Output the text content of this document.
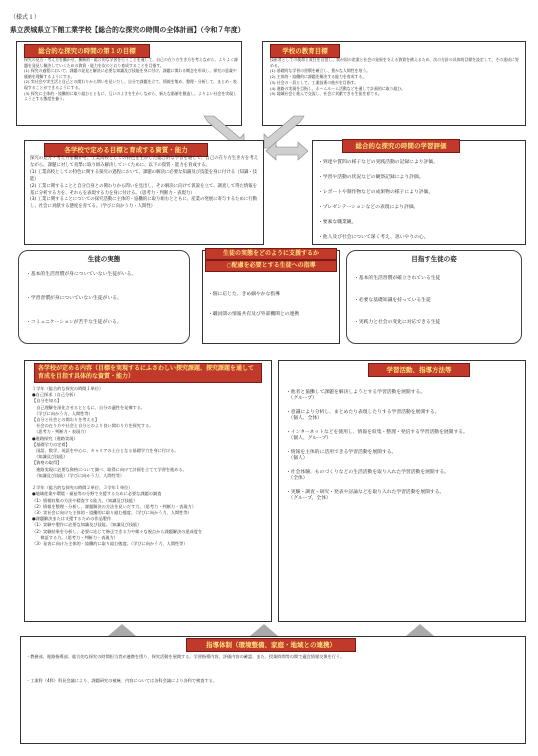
（様式１）
県立茨城県立下館工業学校【総合的な探究の時間の全体計画】（令和７年度）
総合的な探究の時間の第１の目標

探究の見方・考え方を働かせ、横断的・総合的な学習を行うことを通して、自己の在り方生き方を考えながら、よりよく課題を発見し解決していくための資質・能力を次のとおり育成することを目指す。
(1) 探究の過程において、課題の発見と解決に必要な知識及び技能を身に付け、課題に関わる概念を形成し、探究の意義や価値を理解するようにする。
(2) 実社会や実生活と自己との関わりから問いを見いだし、自分で課題を立て、情報を集め、整理・分析して、まとめ・表現することができるようにする。
(3) 探究に主体的・協働的に取り組むとともに、互いのよさを生かしながら、新たな価値を創造し、よりよい社会を実現しようとする態度を養う。

学校の教育目標

技術者としての使命と責任を自覚し、我が国の産業と社会の発展を支える資質を備えるため、次の方針の具体的目標を設定して、その達成に努める。
(1) 基礎的な学習の習慣を確立し、豊かな人間性を培う。
(2) 主体的・協働的に課題を解決する能力を育成する。
(3) 社会の一員として、工業技術の進歩を目指す。
(4) 進路の実現を目指し、ホームルーム活動などを通して計画的に取り組む。
(5) 地域社会と進んで交流し、社会に貢献できる生徒を育てる。

各学校で定める目標と育成する資質・能力

探究の見方・考え方を働かせ、工業高校としての特色を生かした総合的な学習を通して、自己の在り方生き方を考えながら、課題に対して真摯に取り組み解決していくために、以下の資質・能力を育成する。
(1) 工業高校としての特色に関する探究の過程において、課題の解決に必要な知識及び技能を身に付ける（知識・技能）
(2) 工業に関することと自分自身との関わりから問いを見出し、その解決に向けて仮説を立て、調査して得た情報を基に分析する力を、それらを表現する力を身に付ける。（思考力・判断力・表現力）
(3) 工業に関することについての探究活動に主体的・協働的に取り組むとともに、産業の発展に寄与するために行動し、社会に貢献する態度を育てる。（学びに向かう力・人間性）

総合的な探究の時間の学習評価

・到達や質問の様子などの実践活動の記録により評価。

・学習や活動の状況などの観察記録により評価。

・レポートや制作物などの成果物の様子により評価。

・プレゼンテーションなどの表現により評価。

・要素な職業観。

・他人及び社会について深く考え、思いやりの心。

生徒の実態

・基本的生活習慣が身についていない生徒がいる。

・学習習慣が身についていない生徒がいる。

・コミュニケーションが苦手な生徒がいる。

生徒の実態をどのように支援するか
○配慮を必要とする生徒への指導

・個に応じた、きめ細やかな指導

・職員間の情報共有及び外部機関との連携

目指す生徒の姿

・基本的生活習慣が確立されている生徒

・必要な基礎知識を持っている生徒

・実践力と社会の変化に対応できる生徒

各学校が定める内容（目標を実現するにふさわしい探究課題、探究課題を通して育成を目指す具体的な資質・能力）

１学年（総合的な探究の時間１単位）
●自己探求（自己分析）
【自分を知る】
　自己理解を深化させるとともに、自分の適性を発揮する。
　（学びに向かう力、人間性等）
【自分と社会との関わりを考える】
　社会の在り方や社会と自分とのより良い関わり方を探究する。
　（思考力・判断力・表現力）
●進路探究（進路実現）
【基礎学力の定着】
　国語、数学、英語を中心に、キャリアの土台となる基礎学力を身に付ける。
　（知識及び技能）
【資格の取得】
　進路実現に必要な資格について調べ、取得に向けて計画を立てて学習を進める。
　（知識及び技能）（学びに向かう力、人間性等）

２学年（総合的な探究の時間２単位、３学年１単位）
●地域産業や環境・福祉等の分野で支援するために必要な課題の調査
（1）情報収集の方法や精査する能力。（知識及び技能）
（2）情報を整理・分析し、課題解決の方法を見いだす力。（思考力・判断力・表現力）
（3）実社会に向けた主体的・協働的に取り組む態度。（学びに向かう力、人間性等）
●課題解決または支援するための作品製作
（1）実験や製作に必要な知識及び技能。（知識及び技能）
（2）実験結果を分析し、必要に応じて修正できる力や様々な視点から課題解決の達成度を
　　検証する力。（思考力・判断力・表現力）
（3）発表に向けた主体的・協働的に取り組む態度。（学びに向かう力、人間性等）

学習活動、指導方法等

・他者と協働して課題を解決しようとする学習活動を展開する。

　（グループ）

・意識により分析し、まとめたり表現したりする学習活動を展開する。

　（個人、全体）

・インターネットなどを使用し、情報を収集・整理・発信する学習活動を展開する。

　（個人、グループ）

・情報を主体的に活用できる学習活動を展開する。

　（個人）

・社会体験、ものづくりなどの生活活動を取り入れた学習活動を展開する。

　（全体）

・実験・調査・研究・発表や討論などを取り入れた学習活動を展開する。

　（グループ、全体）

指導体制（環境整備、家庭・地域との連携）

・教務部、進路指導部、総合的な探究の時間担当者が連携を図り、探究活動を展開する。学習指導内容、評価内容の確認、また、授業時間等の間で適宜情報交換を行う。

・工業科（4科）科長会議により、課題研究の被統、内容については各科会議により各科で検査する。
